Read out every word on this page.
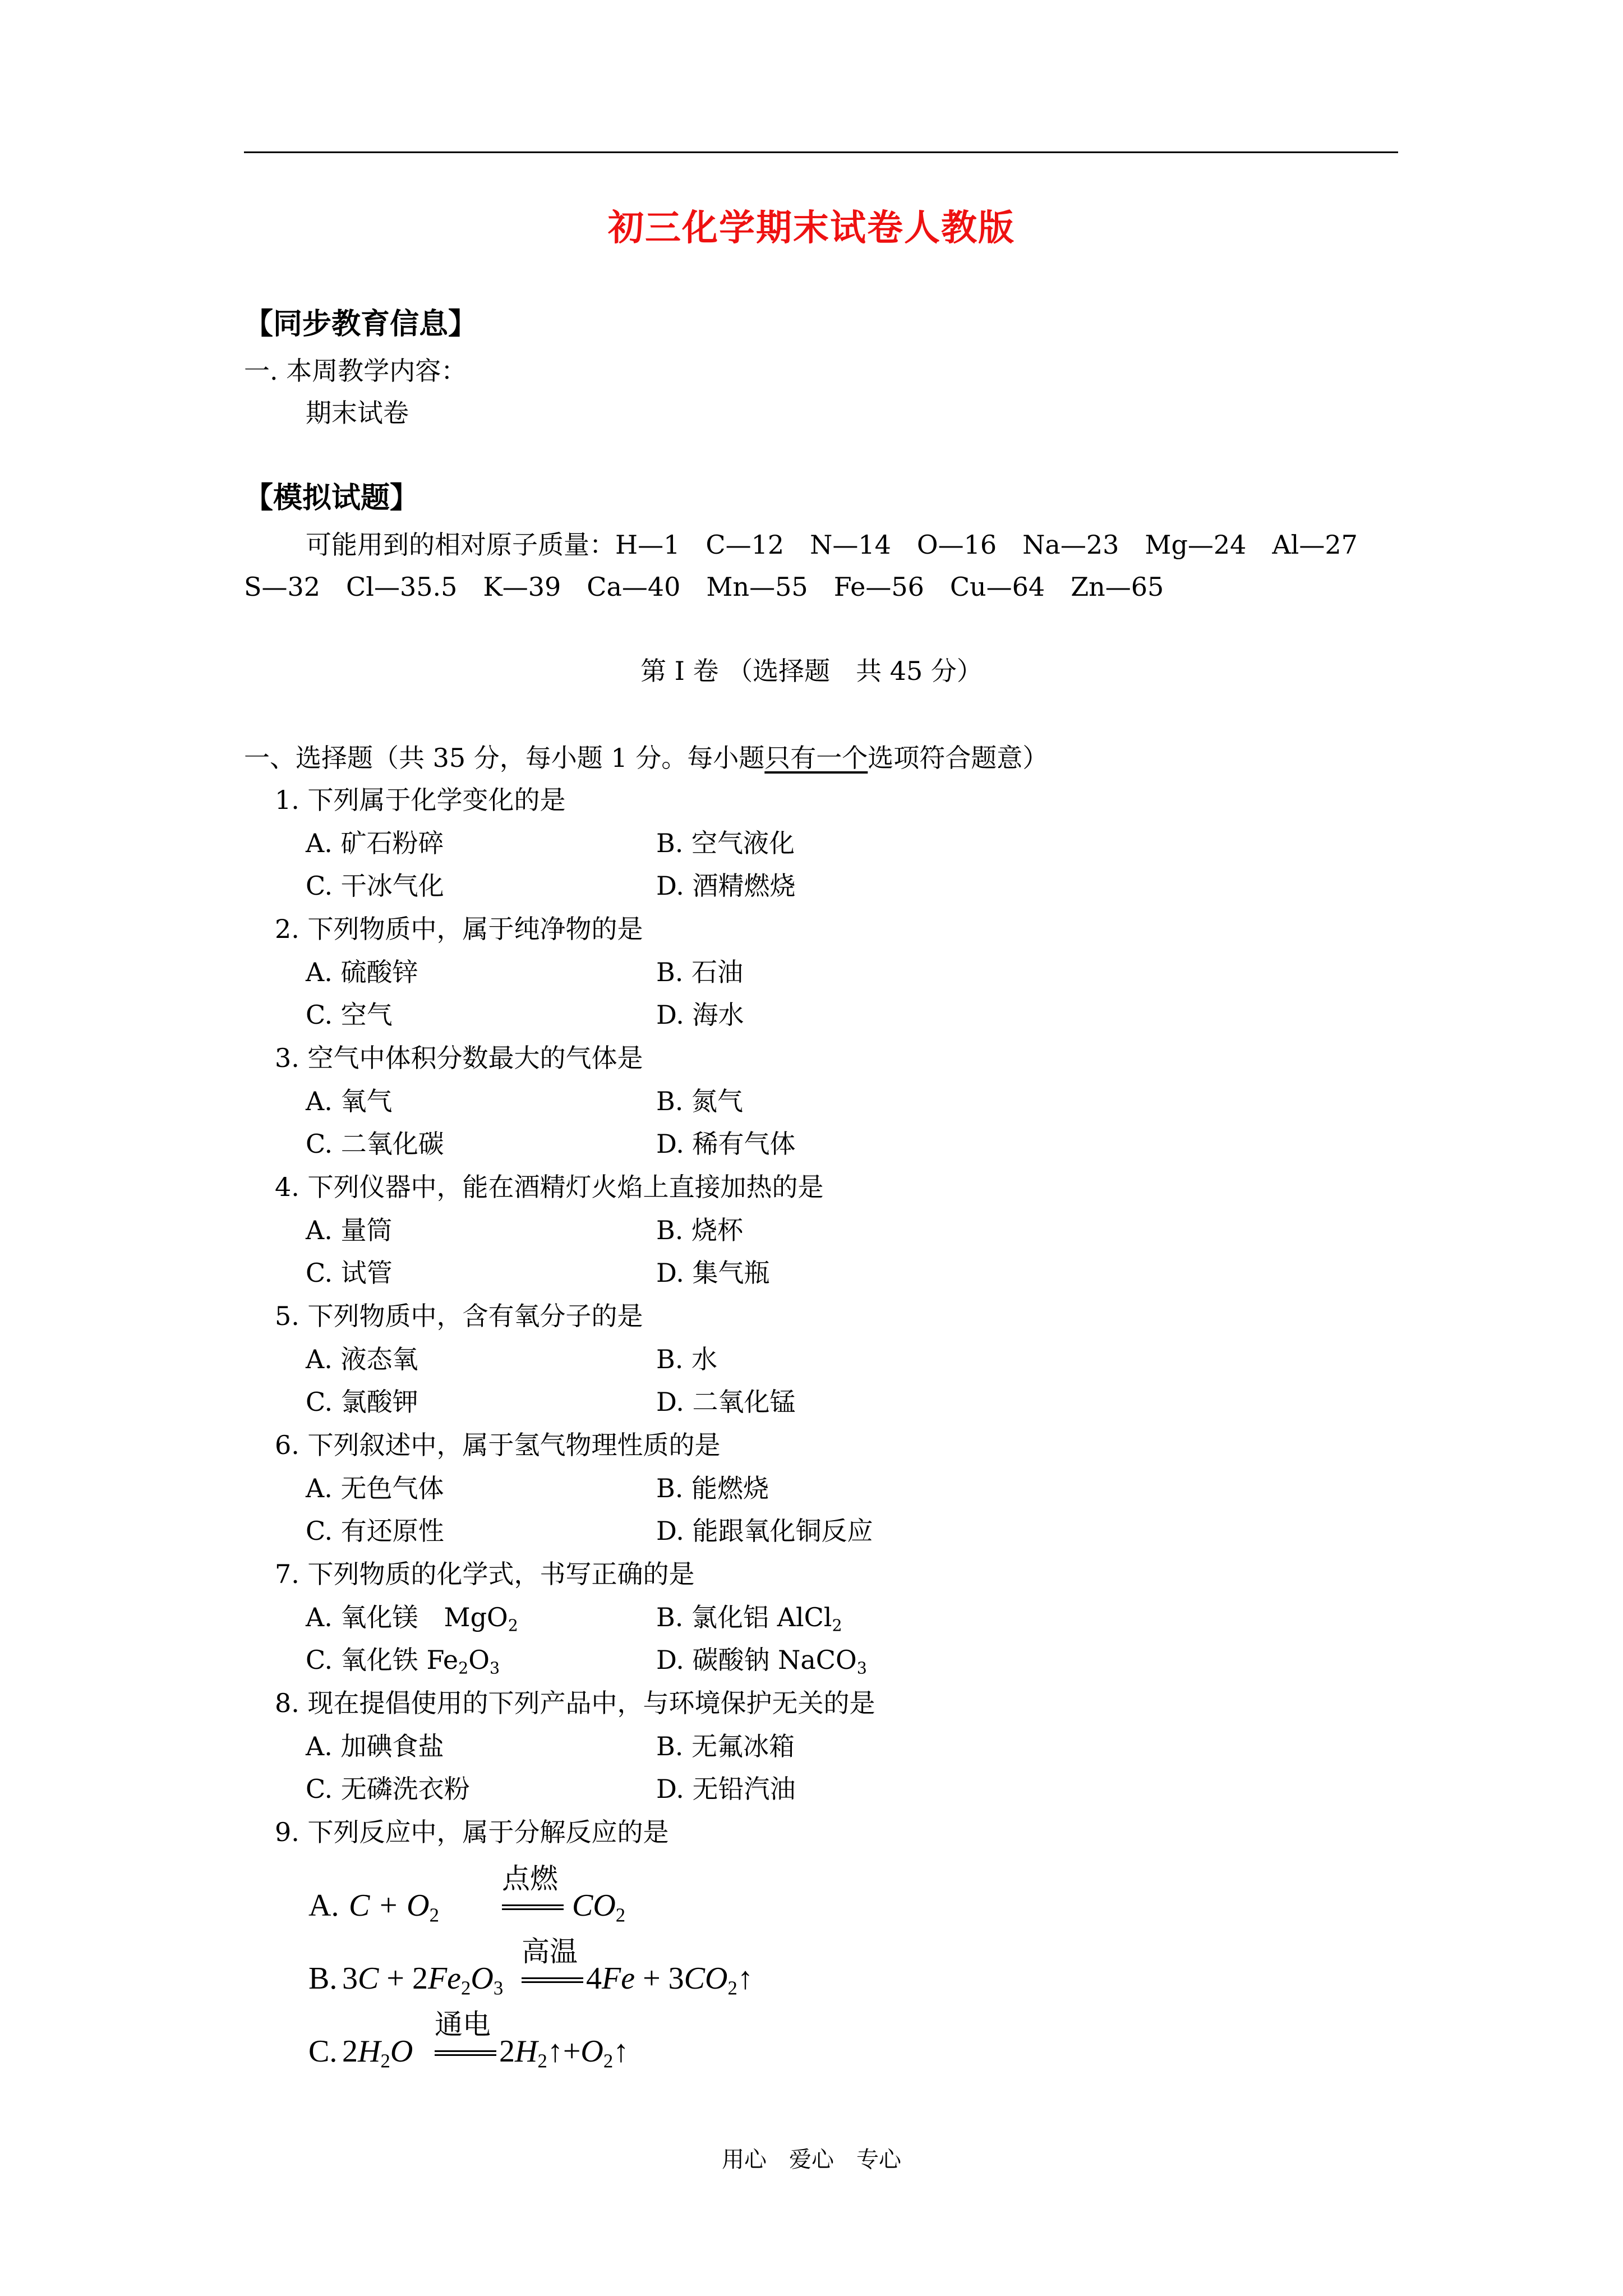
初三化学期末试卷人教版
【同步教育信息】
一. 本周教学内容：
期末试卷
【模拟试题】
可能用到的相对原子质量：H—1　C—12　N—14　O—16　Na—23　Mg—24　Al—27
S—32　Cl—35.5　K—39　Ca—40　Mn—55　Fe—56　Cu—64　Zn—65
第 I 卷 （选择题　共 45 分）
一、选择题（共 35 分，每小题 1 分。每小题只有一个选项符合题意）
1. 下列属于化学变化的是
A. 矿石粉碎	B. 空气液化
C. 干冰气化	D. 酒精燃烧
2. 下列物质中，属于纯净物的是
A. 硫酸锌	B. 石油
C. 空气	D. 海水
3. 空气中体积分数最大的气体是
A. 氧气	B. 氮气
C. 二氧化碳	D. 稀有气体
4. 下列仪器中，能在酒精灯火焰上直接加热的是
A. 量筒	B. 烧杯
C. 试管	D. 集气瓶
5. 下列物质中，含有氧分子的是
A. 液态氧	B. 水
C. 氯酸钾	D. 二氧化锰
6. 下列叙述中，属于氢气物理性质的是
A. 无色气体	B. 能燃烧
C. 有还原性	D. 能跟氧化铜反应
7. 下列物质的化学式，书写正确的是
A. 氧化镁　MgO$_2$	B. 氯化铝 AlCl$_2$
C. 氧化铁 $Fe_2O_3$	D. 碳酸钠 NaCO$_3$
8. 现在提倡使用的下列产品中，与环境保护无关的是
A. 加碘食盐	B. 无氟冰箱
C. 无磷洗衣粉	D. 无铅汽油
9. 下列反应中，属于分解反应的是
A. $C + O_2$
点燃
$CO_2$
B. $3C + 2Fe_2O_3$
高温
$4Fe + 3CO_2↑$
C. $2H_2O$
通电
$2H_2↑+O_2↑$
用心　爱心　专心
